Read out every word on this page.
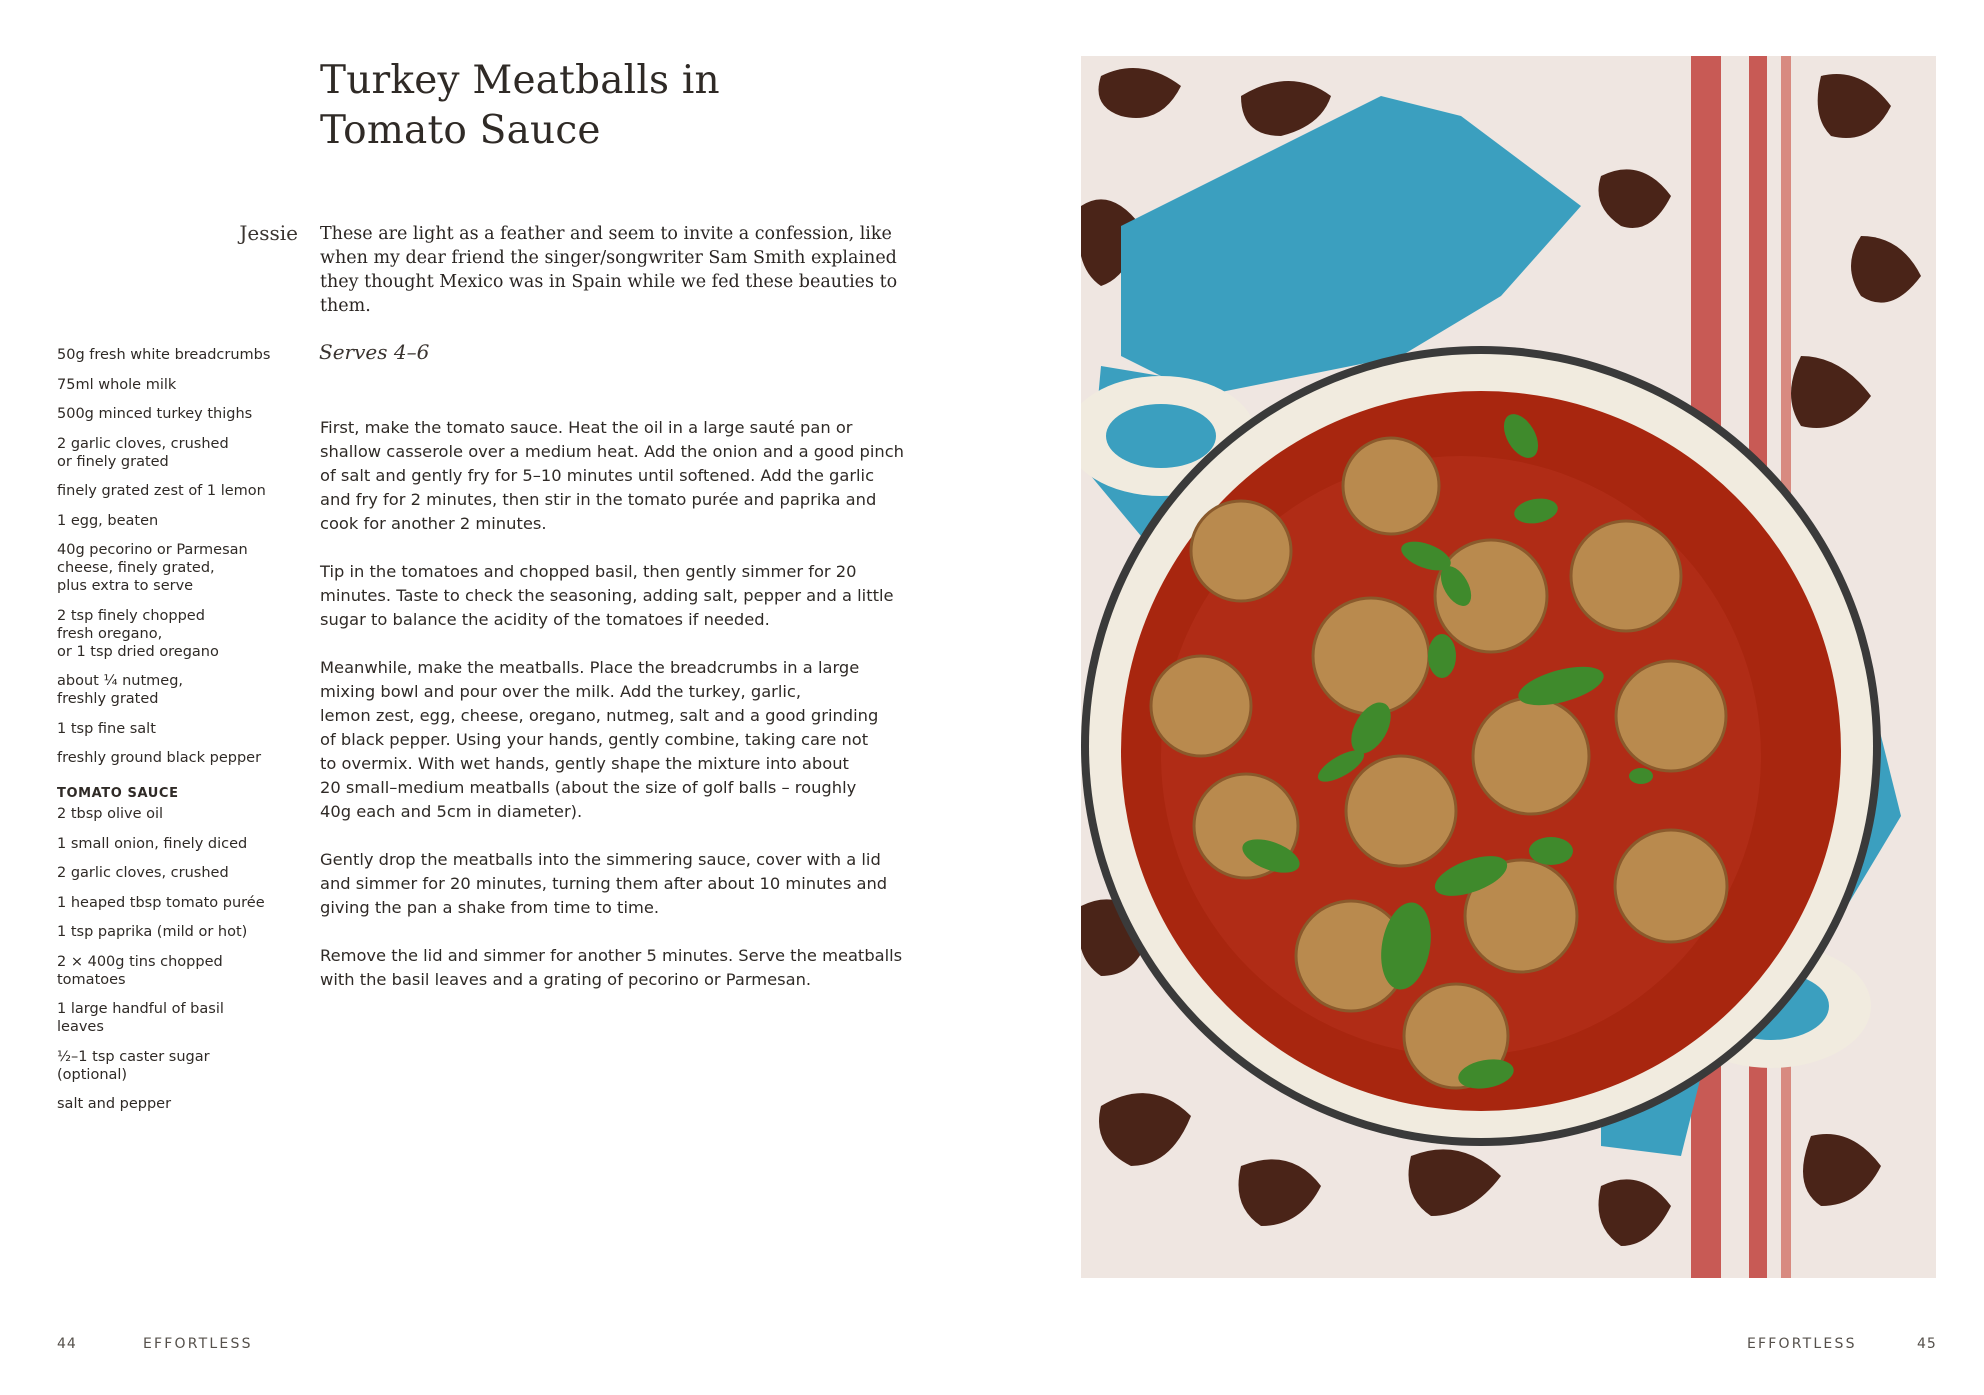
Turkey Meatballs in
Tomato Sauce
Jessie These are light as a feather and seem to invite a confession, like
when my dear friend the singer/songwriter Sam Smith explained
they thought Mexico was in Spain while we fed these beauties to them.

Serves 4–6
50g fresh white breadcrumbs
75ml whole milk
500g minced turkey thighs
2 garlic cloves, crushed
or finely grated
finely grated zest of 1 lemon
1 egg, beaten
40g pecorino or Parmesan
cheese, finely grated,
plus extra to serve
2 tsp finely chopped
fresh oregano,
or 1 tsp dried oregano
about ¼ nutmeg,
freshly grated
1 tsp fine salt
freshly ground black pepper
TOMATO SAUCE
2 tbsp olive oil
1 small onion, finely diced
2 garlic cloves, crushed
1 heaped tbsp tomato purée
1 tsp paprika (mild or hot)
2 × 400g tins chopped
tomatoes
1 large handful of basil
leaves
½–1 tsp caster sugar
(optional)
salt and pepper

First, make the tomato sauce. Heat the oil in a large sauté pan or
shallow casserole over a medium heat. Add the onion and a good pinch
of salt and gently fry for 5–10 minutes until softened. Add the garlic
and fry for 2 minutes, then stir in the tomato purée and paprika and
cook for another 2 minutes.

Tip in the tomatoes and chopped basil, then gently simmer for 20
minutes. Taste to check the seasoning, adding salt, pepper and a little
sugar to balance the acidity of the tomatoes if needed.

Meanwhile, make the meatballs. Place the breadcrumbs in a large
mixing bowl and pour over the milk. Add the turkey, garlic,
lemon zest, egg, cheese, oregano, nutmeg, salt and a good grinding
of black pepper. Using your hands, gently combine, taking care not
to overmix. With wet hands, gently shape the mixture into about
20 small–medium meatballs (about the size of golf balls – roughly
40g each and 5cm in diameter).

Gently drop the meatballs into the simmering sauce, cover with a lid
and simmer for 20 minutes, turning them after about 10 minutes and
giving the pan a shake from time to time.

Remove the lid and simmer for another 5 minutes. Serve the meatballs
with the basil leaves and a grating of pecorino or Parmesan.

44	EFFORTLESS	EFFORTLESS	45
